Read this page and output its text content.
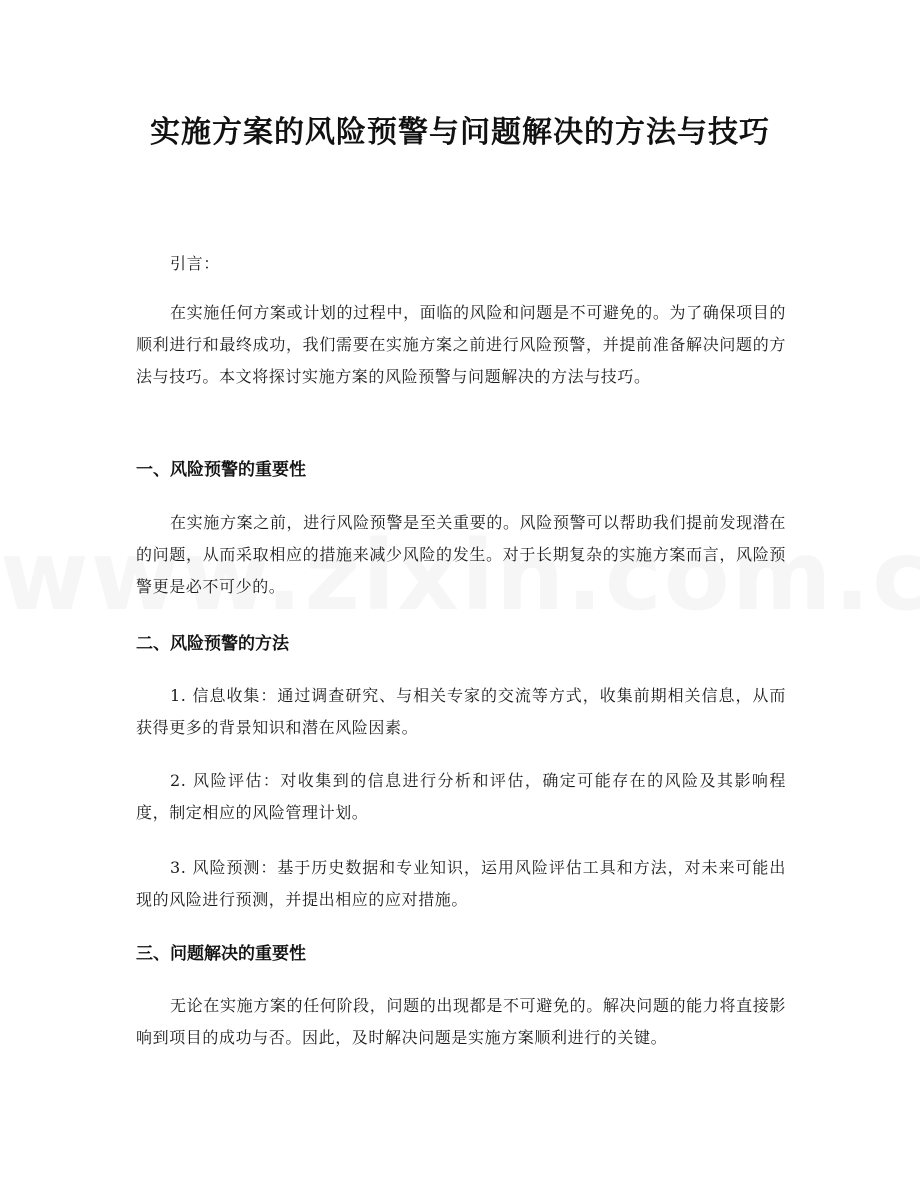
实施方案的风险预警与问题解决的方法与技巧

引言：

在实施任何方案或计划的过程中，面临的风险和问题是不可避免的。为了确保项目的顺利进行和最终成功，我们需要在实施方案之前进行风险预警，并提前准备解决问题的方法与技巧。本文将探讨实施方案的风险预警与问题解决的方法与技巧。

一、风险预警的重要性

在实施方案之前，进行风险预警是至关重要的。风险预警可以帮助我们提前发现潜在的问题，从而采取相应的措施来减少风险的发生。对于长期复杂的实施方案而言，风险预警更是必不可少的。

二、风险预警的方法

1. 信息收集：通过调查研究、与相关专家的交流等方式，收集前期相关信息，从而获得更多的背景知识和潜在风险因素。

2. 风险评估：对收集到的信息进行分析和评估，确定可能存在的风险及其影响程度，制定相应的风险管理计划。

3. 风险预测：基于历史数据和专业知识，运用风险评估工具和方法，对未来可能出现的风险进行预测，并提出相应的应对措施。

三、问题解决的重要性

无论在实施方案的任何阶段，问题的出现都是不可避免的。解决问题的能力将直接影响到项目的成功与否。因此，及时解决问题是实施方案顺利进行的关键。
